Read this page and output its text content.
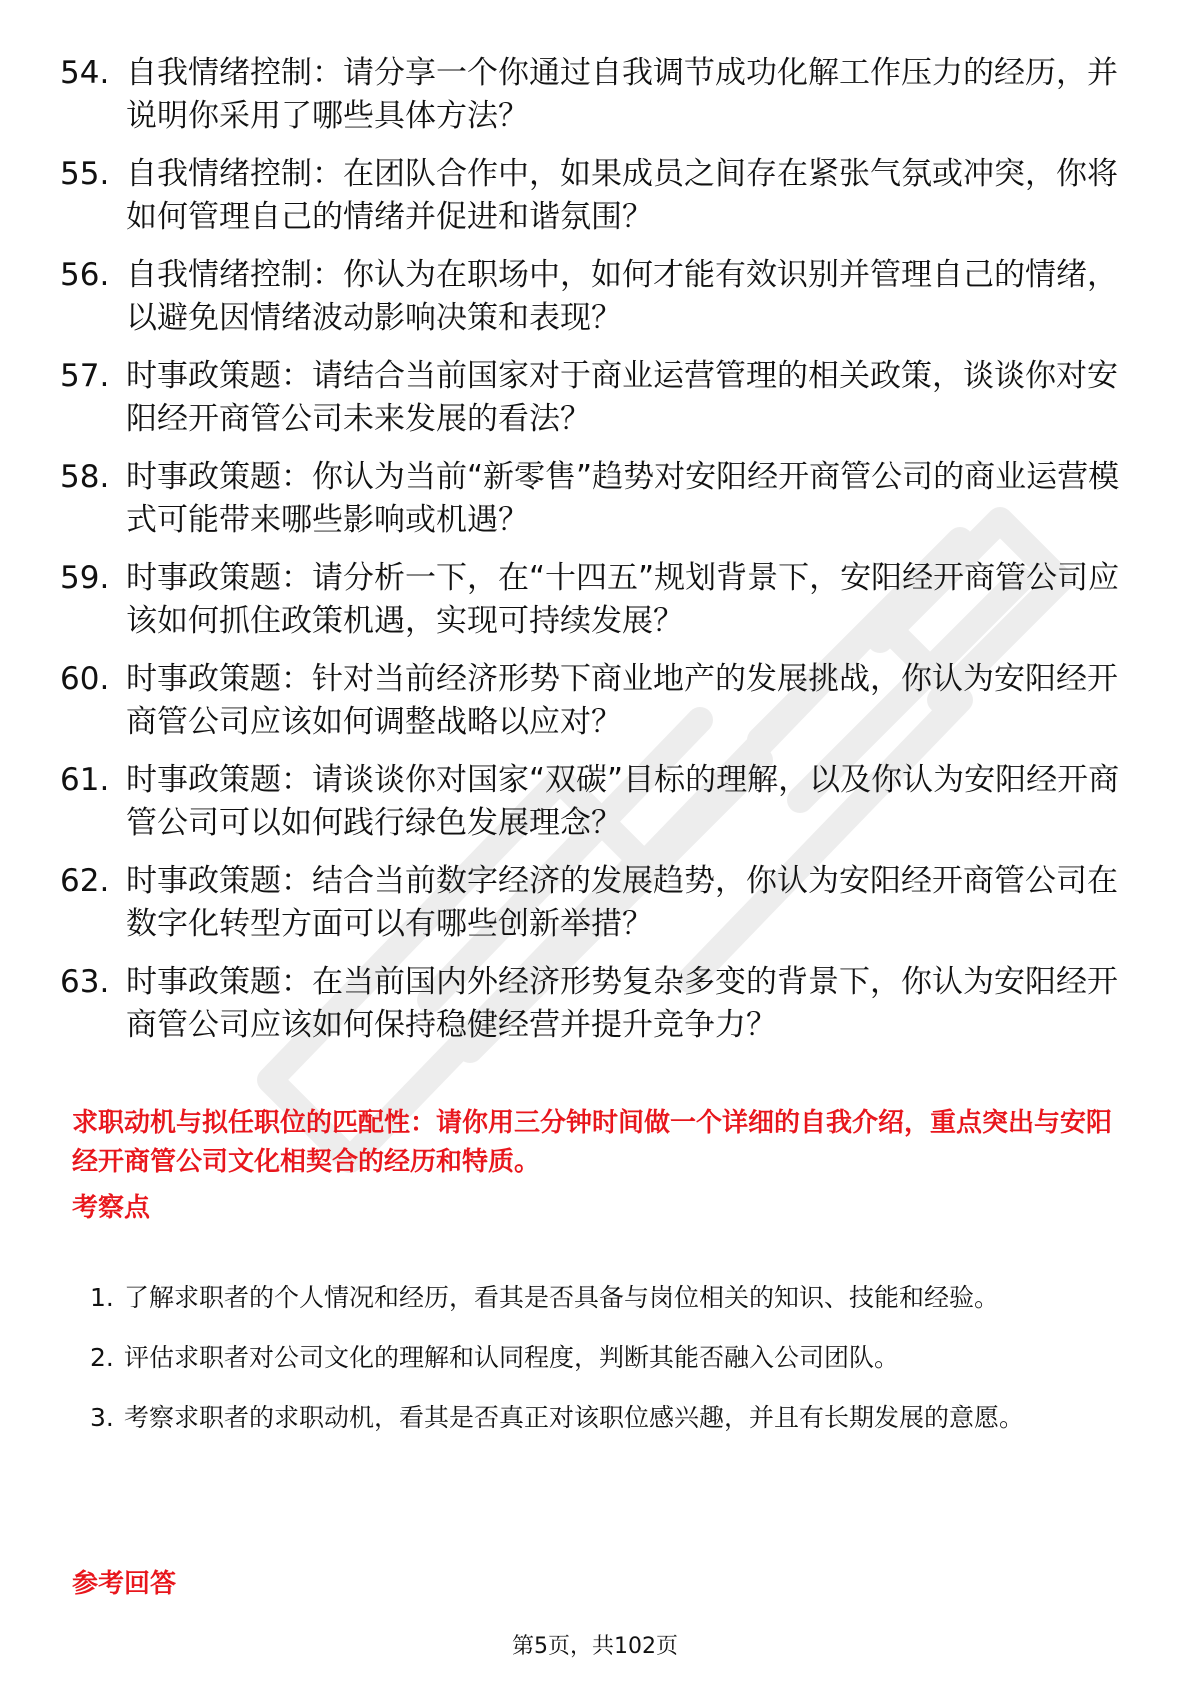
54. 自我情绪控制：请分享一个你通过自我调节成功化解工作压力的经历，并说明你采用了哪些具体方法？
55. 自我情绪控制：在团队合作中，如果成员之间存在紧张气氛或冲突，你将如何管理自己的情绪并促进和谐氛围？
56. 自我情绪控制：你认为在职场中，如何才能有效识别并管理自己的情绪，以避免因情绪波动影响决策和表现？
57. 时事政策题：请结合当前国家对于商业运营管理的相关政策，谈谈你对安阳经开商管公司未来发展的看法？
58. 时事政策题：你认为当前“新零售”趋势对安阳经开商管公司的商业运营模式可能带来哪些影响或机遇？
59. 时事政策题：请分析一下，在“十四五”规划背景下，安阳经开商管公司应该如何抓住政策机遇，实现可持续发展？
60. 时事政策题：针对当前经济形势下商业地产的发展挑战，你认为安阳经开商管公司应该如何调整战略以应对？
61. 时事政策题：请谈谈你对国家“双碳”目标的理解，以及你认为安阳经开商管公司可以如何践行绿色发展理念？
62. 时事政策题：结合当前数字经济的发展趋势，你认为安阳经开商管公司在数字化转型方面可以有哪些创新举措？
63. 时事政策题：在当前国内外经济形势复杂多变的背景下，你认为安阳经开商管公司应该如何保持稳健经营并提升竞争力？
求职动机与拟任职位的匹配性：请你用三分钟时间做一个详细的自我介绍，重点突出与安阳经开商管公司文化相契合的经历和特质。
考察点
1. 了解求职者的个人情况和经历，看其是否具备与岗位相关的知识、技能和经验。
2. 评估求职者对公司文化的理解和认同程度，判断其能否融入公司团队。
3. 考察求职者的求职动机，看其是否真正对该职位感兴趣，并且有长期发展的意愿。
参考回答
第5页，共102页
